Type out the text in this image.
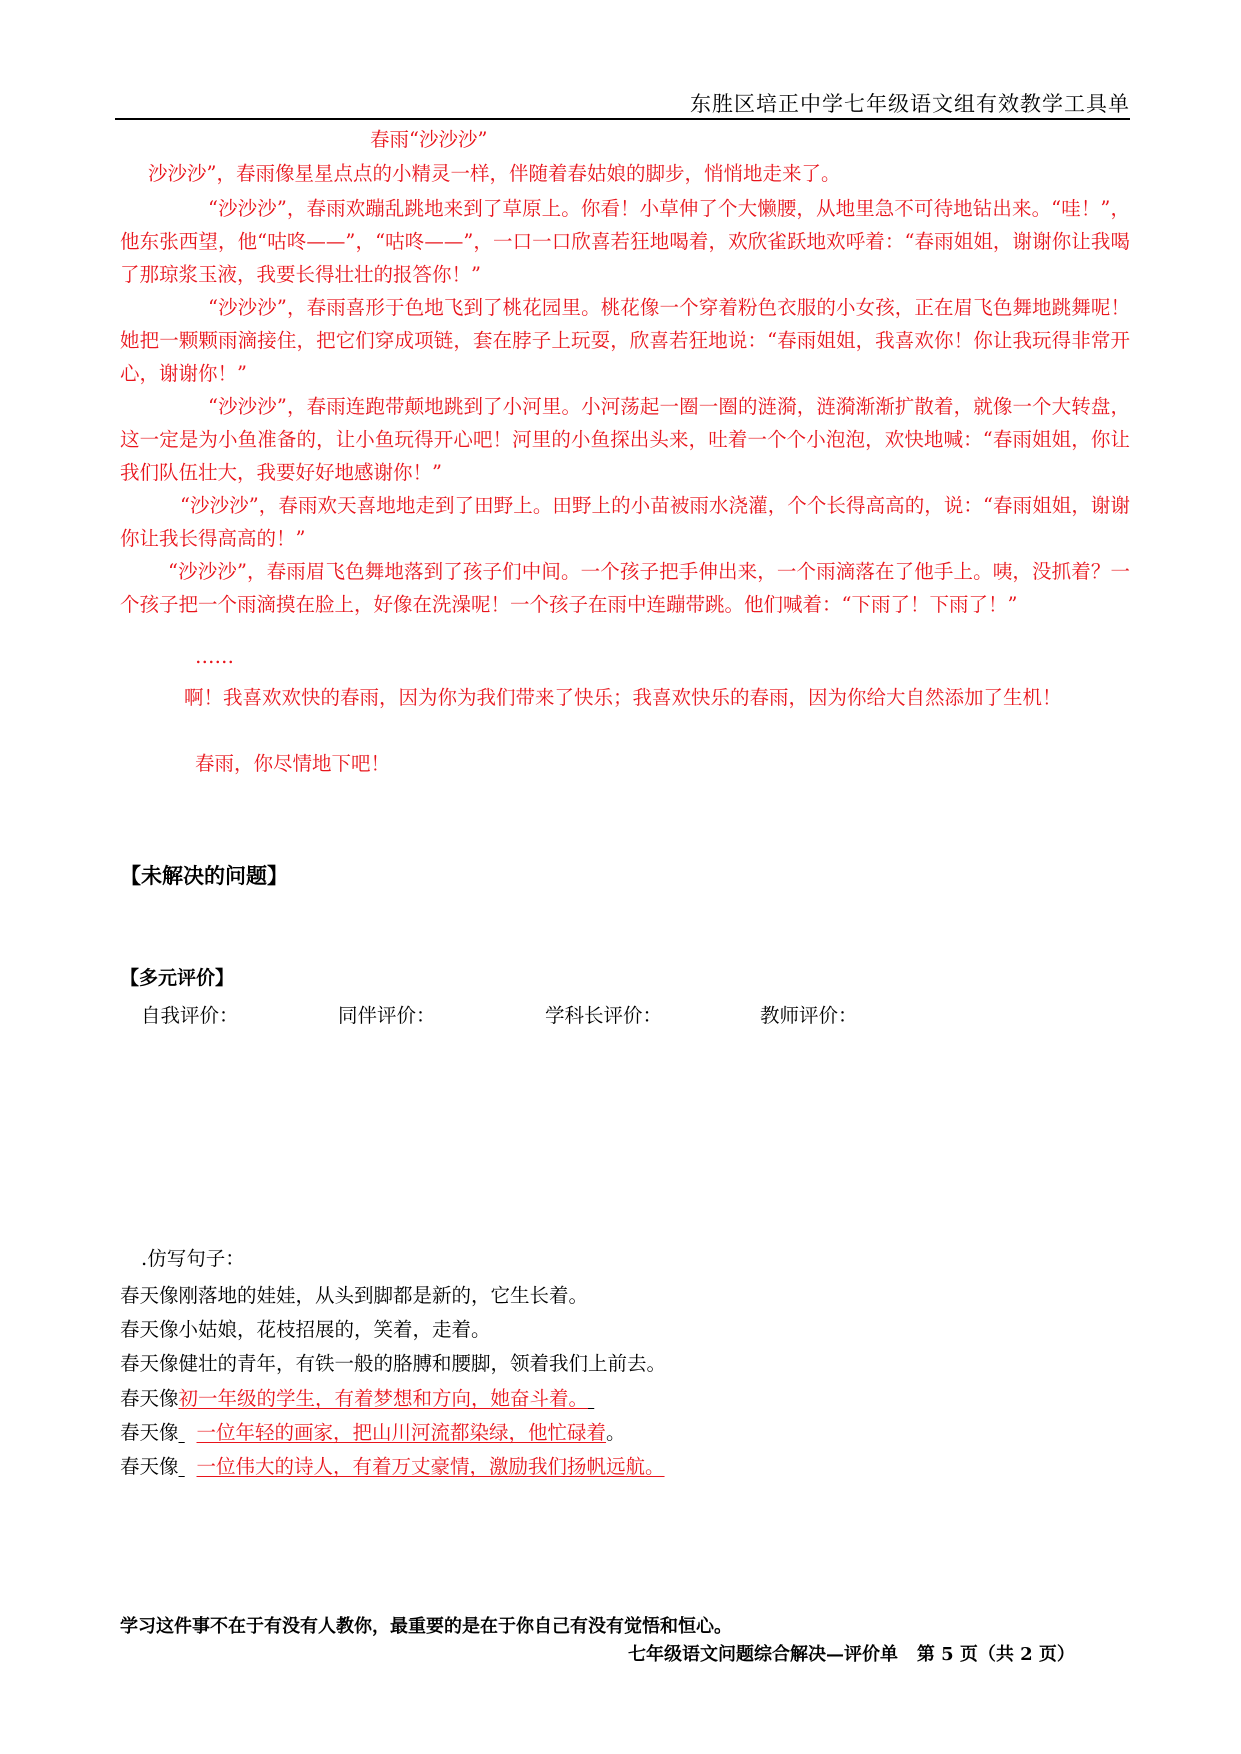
东胜区培正中学七年级语文组有效教学工具单
春雨“沙沙沙”
沙沙沙”，春雨像星星点点的小精灵一样，伴随着春姑娘的脚步，悄悄地走来了。
“沙沙沙”，春雨欢蹦乱跳地来到了草原上。你看！小草伸了个大懒腰，从地里急不可待地钻出来。“哇！”，他东张西望，他“咕咚——”，“咕咚——”，一口一口欣喜若狂地喝着，欢欣雀跃地欢呼着：“春雨姐姐，谢谢你让我喝了那琼浆玉液，我要长得壮壮的报答你！”
“沙沙沙”，春雨喜形于色地飞到了桃花园里。桃花像一个穿着粉色衣服的小女孩，正在眉飞色舞地跳舞呢！她把一颗颗雨滴接住，把它们穿成项链，套在脖子上玩耍，欣喜若狂地说：“春雨姐姐，我喜欢你！你让我玩得非常开心，谢谢你！”
“沙沙沙”，春雨连跑带颠地跳到了小河里。小河荡起一圈一圈的涟漪，涟漪渐渐扩散着，就像一个大转盘，这一定是为小鱼准备的，让小鱼玩得开心吧！河里的小鱼探出头来，吐着一个个小泡泡，欢快地喊：“春雨姐姐，你让我们队伍壮大，我要好好地感谢你！”
“沙沙沙”，春雨欢天喜地地走到了田野上。田野上的小苗被雨水浇灌，个个长得高高的，说：“春雨姐姐，谢谢你让我长得高高的！”
“沙沙沙”，春雨眉飞色舞地落到了孩子们中间。一个孩子把手伸出来，一个雨滴落在了他手上。咦，没抓着？一个孩子把一个雨滴摸在脸上，好像在洗澡呢！一个孩子在雨中连蹦带跳。他们喊着：“下雨了！下雨了！”
……
啊！我喜欢欢快的春雨，因为你为我们带来了快乐；我喜欢快乐的春雨，因为你给大自然添加了生机！
春雨，你尽情地下吧！
【未解决的问题】
【多元评价】
自我评价：	同伴评价：	学科长评价：	教师评价：
.仿写句子：
春天像刚落地的娃娃，从头到脚都是新的，它生长着。
春天像小姑娘，花枝招展的，笑着，走着。
春天像健壮的青年，有铁一般的胳膊和腰脚，领着我们上前去。
春天像初一年级的学生，有着梦想和方向，她奋斗着。
春天像 一位年轻的画家，把山川河流都染绿，他忙碌着。
春天像 一位伟大的诗人，有着万丈豪情，激励我们扬帆远航。
学习这件事不在于有没有人教你，最重要的是在于你自己有没有觉悟和恒心。
七年级语文问题综合解决—评价单 第 5 页（共 2 页）
